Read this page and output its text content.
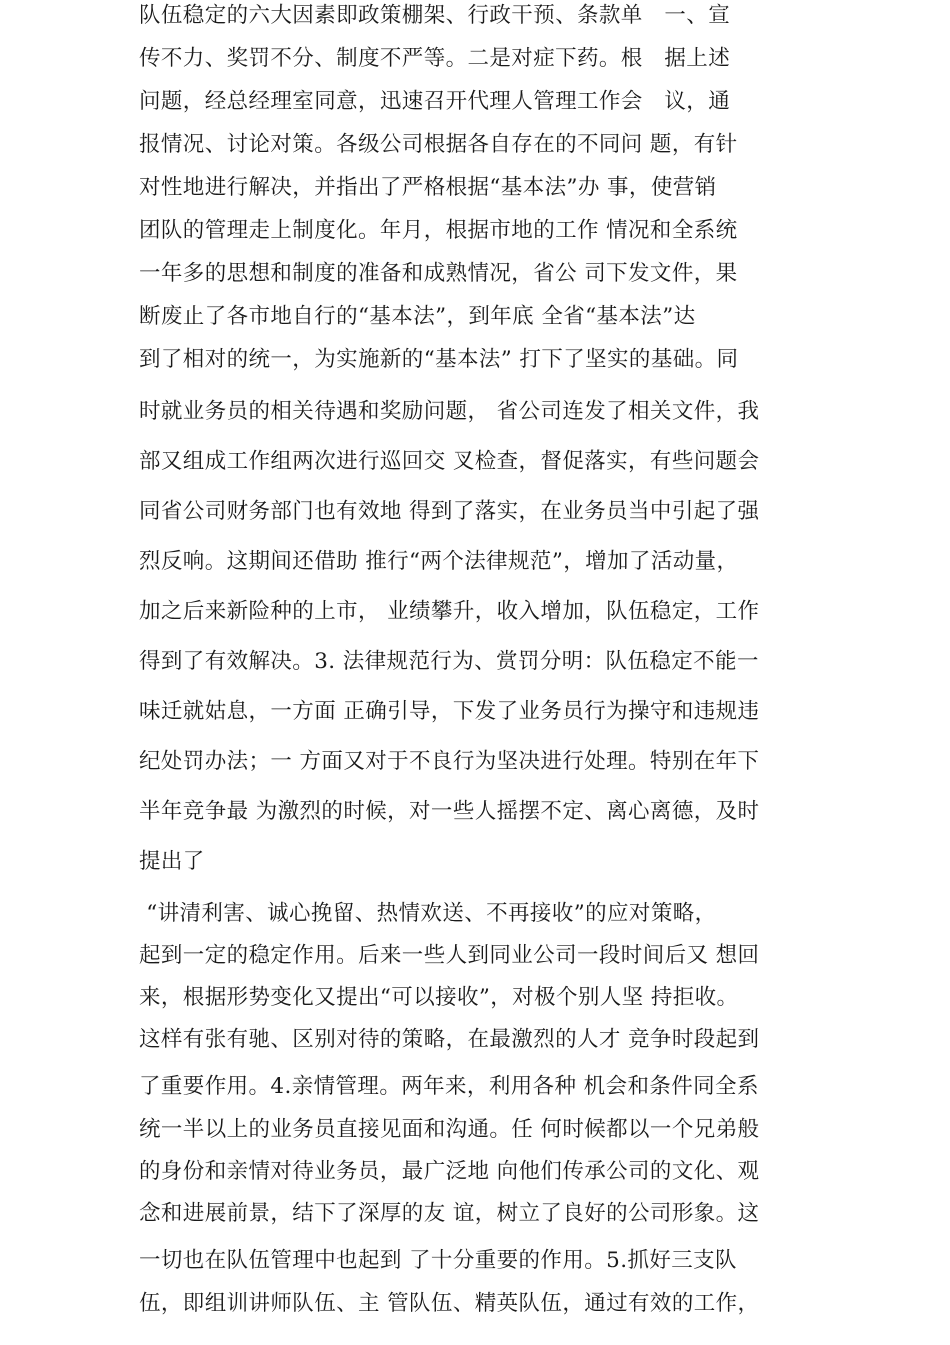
队伍稳定的六大因素即政策棚架、行政干预、条款单   一、宣
传不力、奖罚不分、制度不严等。二是对症下药。根   据上述
问题，经总经理室同意，迅速召开代理人管理工作会   议，通
报情况、讨论对策。各级公司根据各自存在的不同问 题，有针
对性地进行解决，并指出了严格根据“基本法”办 事，使营销
团队的管理走上制度化。年月，根据市地的工作 情况和全系统
一年多的思想和制度的准备和成熟情况，省公 司下发文件，果
断废止了各市地自行的“基本法”，到年底 全省“基本法”达
到了相对的统一，为实施新的“基本法” 打下了坚实的基础。同
时就业务员的相关待遇和奖励问题， 省公司连发了相关文件，我
部又组成工作组两次进行巡回交 叉检查，督促落实，有些问题会
同省公司财务部门也有效地 得到了落实，在业务员当中引起了强
烈反响。这期间还借助 推行“两个法律规范”，增加了活动量，
加之后来新险种的上市， 业绩攀升，收入增加，队伍稳定，工作
得到了有效解决。3. 法律规范行为、赏罚分明：队伍稳定不能一
味迁就姑息，一方面 正确引导，下发了业务员行为操守和违规违
纪处罚办法；一 方面又对于不良行为坚决进行处理。特别在年下
半年竞争最 为激烈的时候，对一些人摇摆不定、离心离德，及时
提出了
“讲清利害、诚心挽留、热情欢送、不再接收”的应对策略，
起到一定的稳定作用。后来一些人到同业公司一段时间后又 想回
来，根据形势变化又提出“可以接收”，对极个别人坚 持拒收。
这样有张有驰、区别对待的策略，在最激烈的人才 竞争时段起到
了重要作用。4.亲情管理。两年来，利用各种 机会和条件同全系
统一半以上的业务员直接见面和沟通。任 何时候都以一个兄弟般
的身份和亲情对待业务员，最广泛地 向他们传承公司的文化、观
念和进展前景，结下了深厚的友 谊，树立了良好的公司形象。这
一切也在队伍管理中也起到 了十分重要的作用。5.抓好三支队
伍，即组训讲师队伍、主 管队伍、精英队伍，通过有效的工作，
